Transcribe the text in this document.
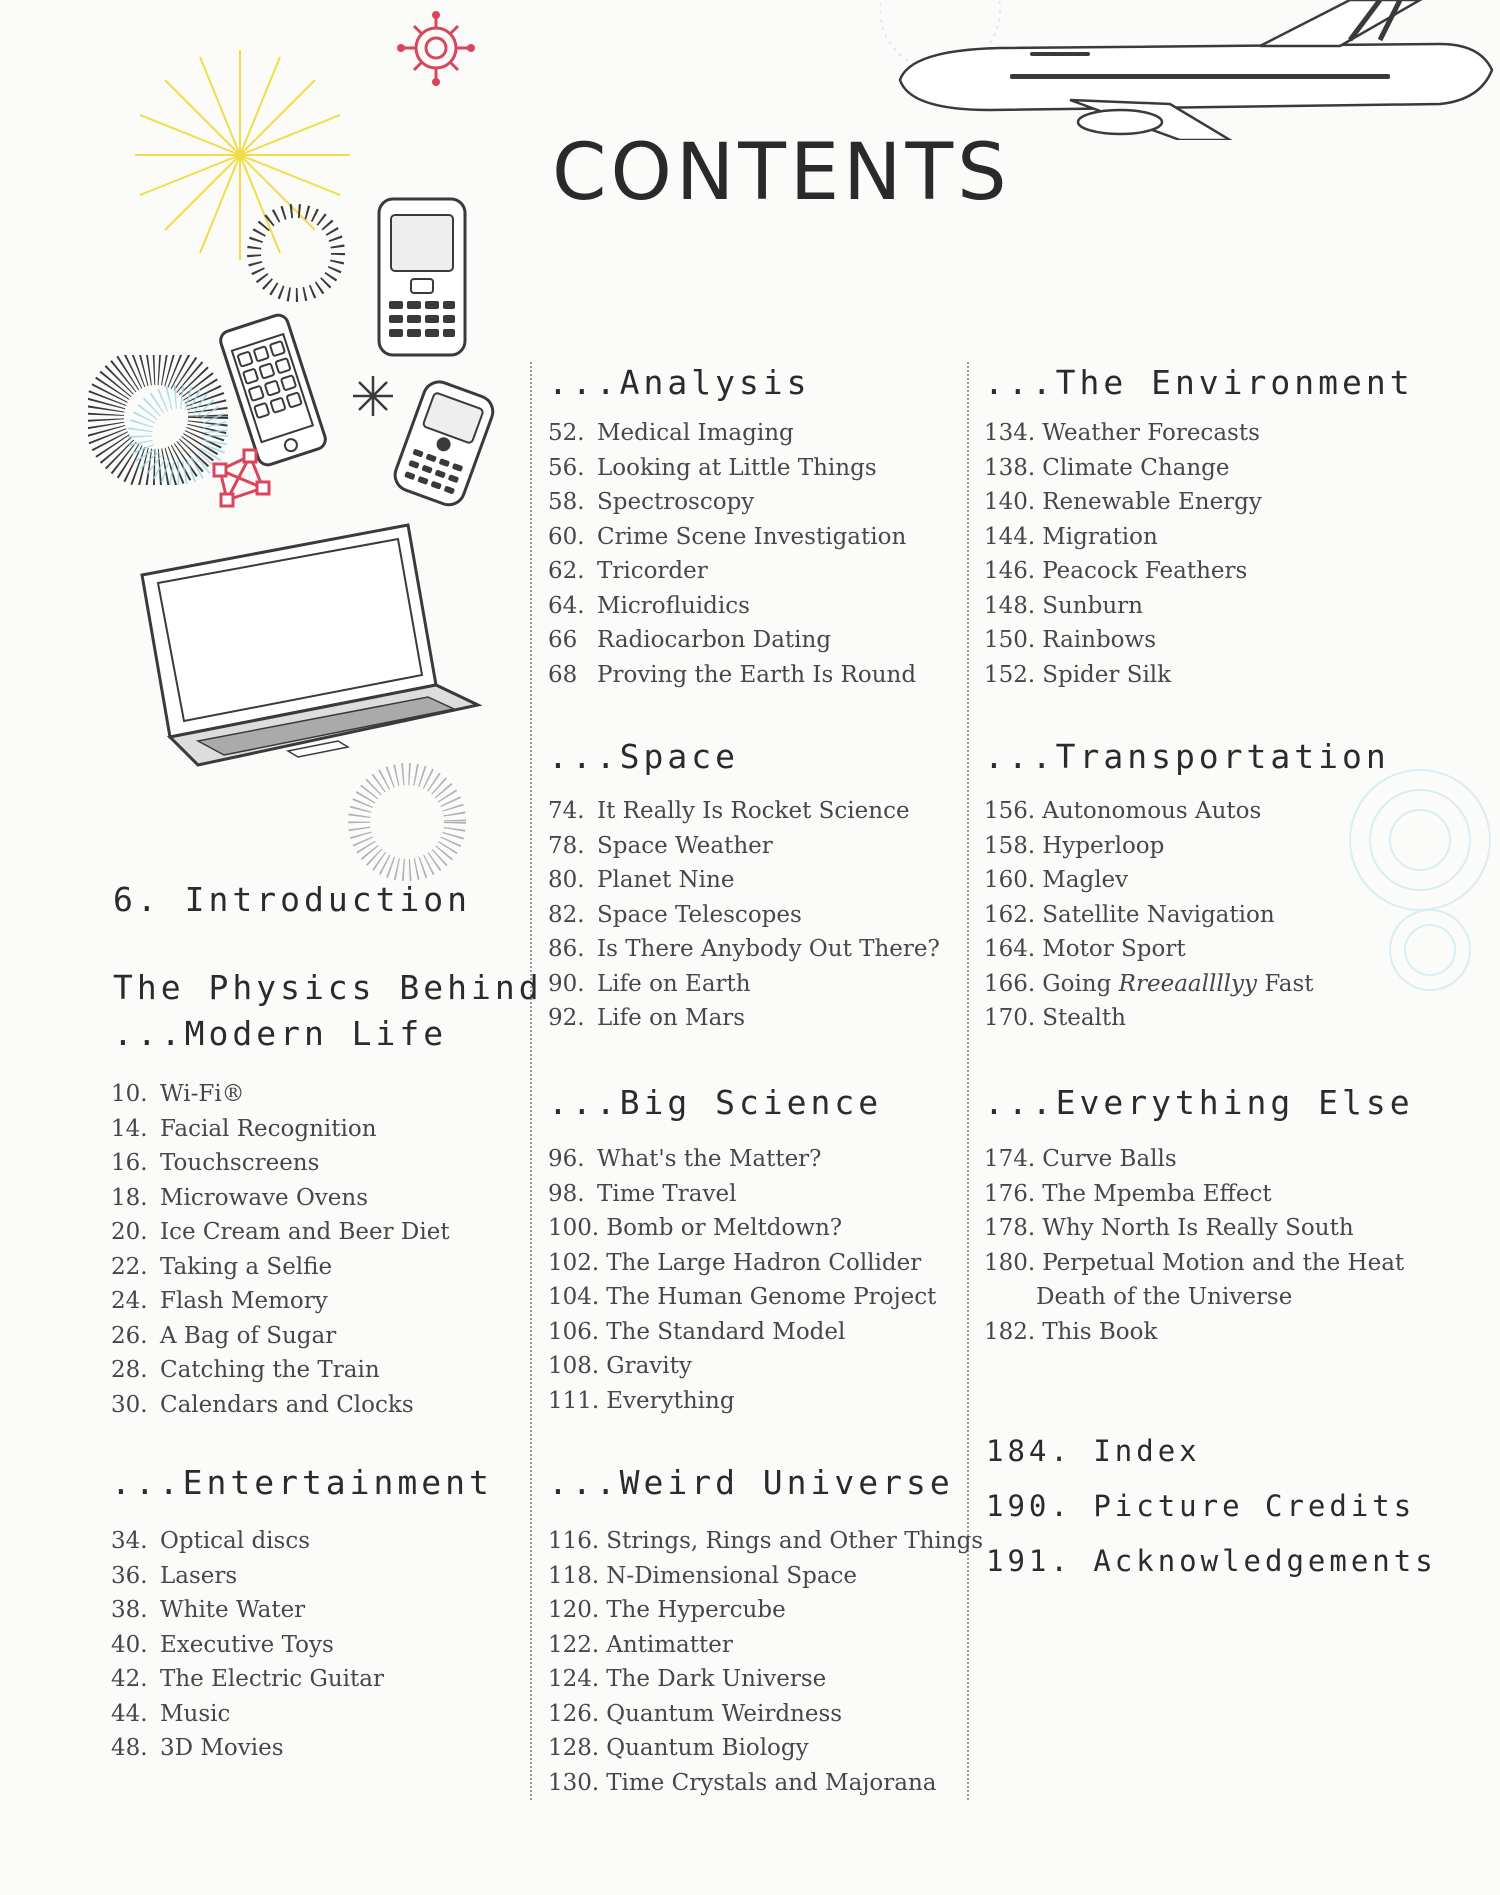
CONTENTS
6. Introduction
The Physics Behind
...Modern Life
10. Wi-Fi®
14. Facial Recognition
16. Touchscreens
18. Microwave Ovens
20. Ice Cream and Beer Diet
22. Taking a Selfie
24. Flash Memory
26. A Bag of Sugar
28. Catching the Train
30. Calendars and Clocks
...Entertainment
34. Optical discs
36. Lasers
38. White Water
40. Executive Toys
42. The Electric Guitar
44. Music
48. 3D Movies
...Analysis
52. Medical Imaging
56. Looking at Little Things
58. Spectroscopy
60. Crime Scene Investigation
62. Tricorder
64. Microfluidics
66 Radiocarbon Dating
68 Proving the Earth Is Round
...Space
74. It Really Is Rocket Science
78. Space Weather
80. Planet Nine
82. Space Telescopes
86. Is There Anybody Out There?
90. Life on Earth
92. Life on Mars
...Big Science
96. What's the Matter?
98. Time Travel
100. Bomb or Meltdown?
102. The Large Hadron Collider
104. The Human Genome Project
106. The Standard Model
108. Gravity
111. Everything
...Weird Universe
116. Strings, Rings and Other Things
118. N-Dimensional Space
120. The Hypercube
122. Antimatter
124. The Dark Universe
126. Quantum Weirdness
128. Quantum Biology
130. Time Crystals and Majorana
...The Environment
134. Weather Forecasts
138. Climate Change
140. Renewable Energy
144. Migration
146. Peacock Feathers
148. Sunburn
150. Rainbows
152. Spider Silk
...Transportation
156. Autonomous Autos
158. Hyperloop
160. Maglev
162. Satellite Navigation
164. Motor Sport
166. Going Rreeaallllyy Fast
170. Stealth
...Everything Else
174. Curve Balls
176. The Mpemba Effect
178. Why North Is Really South
180. Perpetual Motion and the Heat
Death of the Universe
182. This Book
184. Index
190. Picture Credits
191. Acknowledgements
